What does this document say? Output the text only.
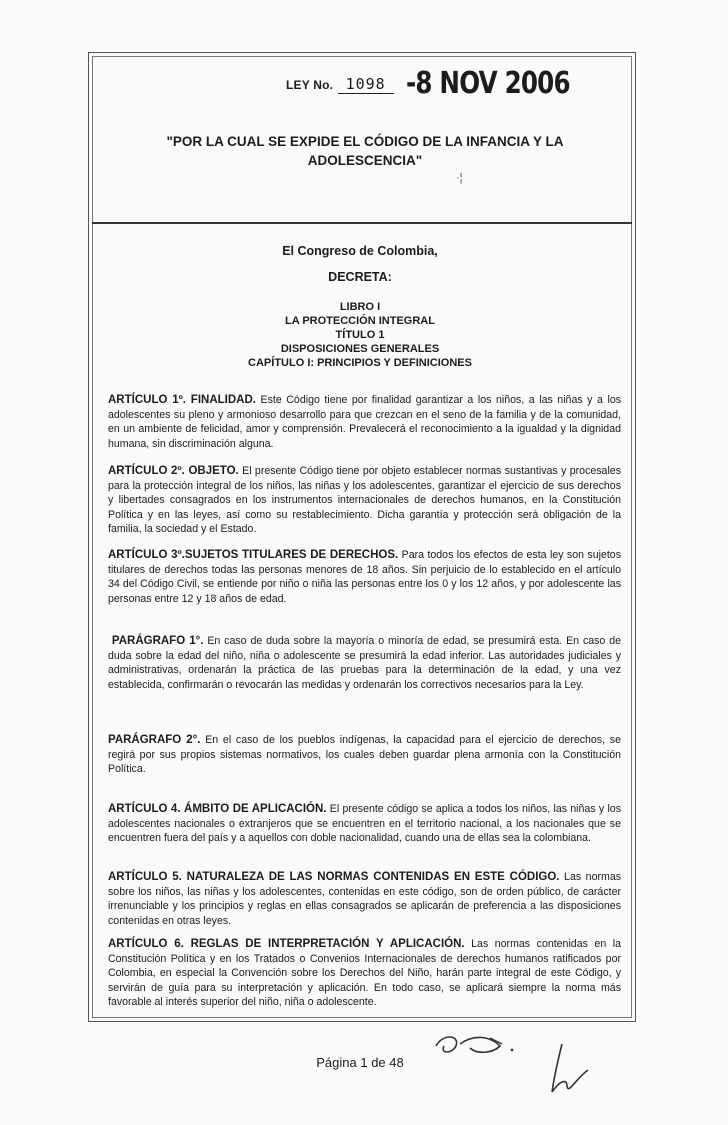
LEY No. 1098 -8 NOV 2006
"POR LA CUAL SE EXPIDE EL CÓDIGO DE LA INFANCIA Y LA
ADOLESCENCIA"
·¦
El Congreso de Colombia,
DECRETA:
LIBRO I
LA PROTECCIÓN INTEGRAL
TÍTULO 1
DISPOSICIONES GENERALES
CAPÍTULO I: PRINCIPIOS Y DEFINICIONES
ARTÍCULO 1º. FINALIDAD. Este Código tiene por finalidad garantizar a los niños, a las niñas y a los adolescentes su pleno y armonioso desarrollo para que crezcan en el seno de la familia y de la comunidad, en un ambiente de felicidad, amor y comprensión. Prevalecerá el reconocimiento a la igualdad y la dignidad humana, sin discriminación alguna.
ARTÍCULO 2º. OBJETO. El presente Código tiene por objeto establecer normas sustantivas y procesales para la protección integral de los niños, las niñas y los adolescentes, garantizar el ejercicio de sus derechos y libertades consagrados en los instrumentos internacionales de derechos humanos, en la Constitución Política y en las leyes, así como su restablecimiento. Dicha garantía y protección será obligación de la familia, la sociedad y el Estado.
ARTÍCULO 3º.SUJETOS TITULARES DE DERECHOS. Para todos los efectos de esta ley son sujetos titulares de derechos todas las personas menores de 18 años. Sin perjuicio de lo establecido en el artículo 34 del Código Civil, se entiende por niño o niña las personas entre los 0 y los 12 años, y por adolescente las personas entre 12 y 18 años de edad.
PARÁGRAFO 1°. En caso de duda sobre la mayoría o minoría de edad, se presumirá esta. En caso de duda sobre la edad del niño, niña o adolescente se presumirá la edad inferior. Las autoridades judiciales y administrativas, ordenarán la práctica de las pruebas para la determinación de la edad, y una vez establecida, confirmarán o revocarán las medidas y ordenarán los correctivos necesarios para la Ley.
PARÁGRAFO 2°. En el caso de los pueblos indígenas, la capacidad para el ejercicio de derechos, se regirá por sus propios sistemas normativos, los cuales deben guardar plena armonía con la Constitución Política.
ARTÍCULO 4. ÁMBITO DE APLICACIÓN. El presente código se aplica a todos los niños, las niñas y los adolescentes nacionales o extranjeros que se encuentren en el territorio nacional, a los nacionales que se encuentren fuera del país y a aquellos con doble nacionalidad, cuando una de ellas sea la colombiana.
ARTÍCULO 5. NATURALEZA DE LAS NORMAS CONTENIDAS EN ESTE CÓDIGO. Las normas sobre los niños, las niñas y los adolescentes, contenidas en este código, son de orden público, de carácter irrenunciable y los principios y reglas en ellas consagrados se aplicarán de preferencia a las disposiciones contenidas en otras leyes.
ARTÍCULO 6. REGLAS DE INTERPRETACIÓN Y APLICACIÓN. Las normas contenidas en la Constitución Política y en los Tratados o Convenios Internacionales de derechos humanos ratificados por Colombia, en especial la Convención sobre los Derechos del Niño, harán parte integral de este Código, y servirán de guía para su interpretación y aplicación. En todo caso, se aplicará siempre la norma más favorable al interés superior del niño, niña o adolescente.
Página 1 de 48
